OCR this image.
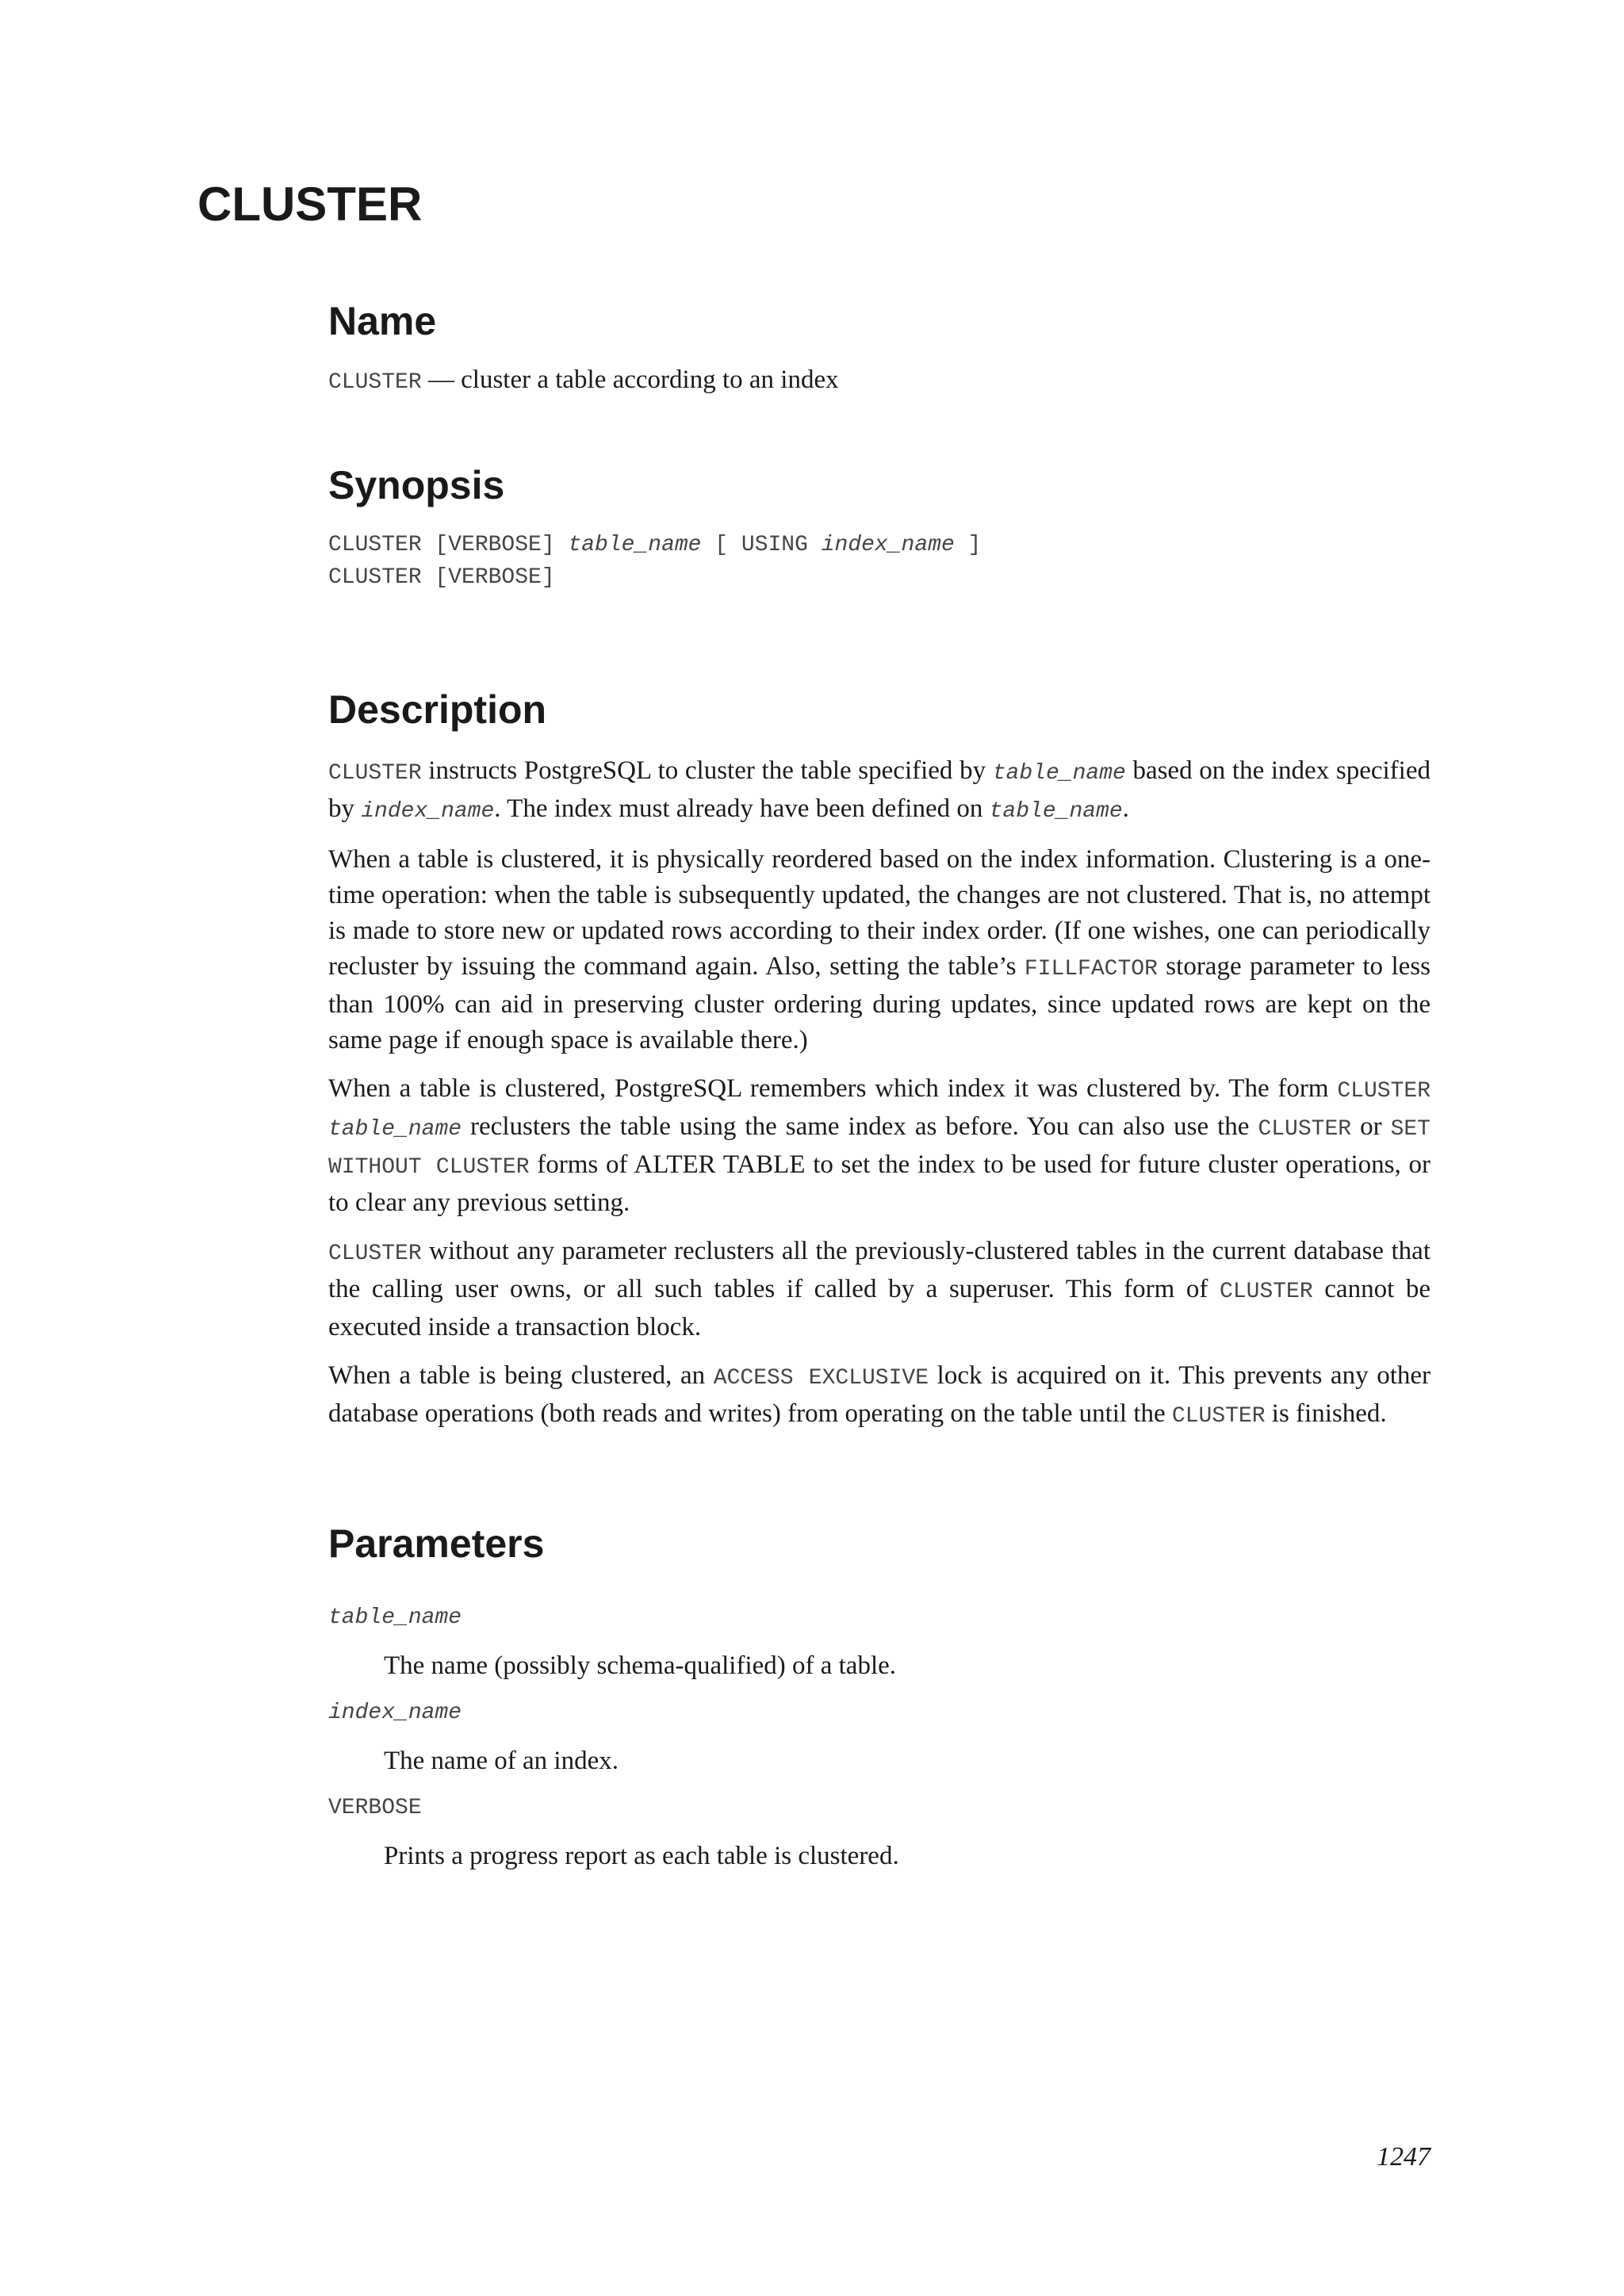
CLUSTER
Name

CLUSTER — cluster a table according to an index

Synopsis
CLUSTER [VERBOSE] table_name [ USING index_name ]
CLUSTER [VERBOSE]
Description

CLUSTER instructs PostgreSQL to cluster the table specified by table_name based on the index specified by index_name. The index must already have been defined on table_name.

When a table is clustered, it is physically reordered based on the index information. Clustering is a one-time operation: when the table is subsequently updated, the changes are not clustered. That is, no attempt is made to store new or updated rows according to their index order. (If one wishes, one can periodically recluster by issuing the command again. Also, setting the table’s FILLFACTOR storage parameter to less than 100% can aid in preserving cluster ordering during updates, since updated rows are kept on the same page if enough space is available there.)

When a table is clustered, PostgreSQL remembers which index it was clustered by. The form CLUSTER table_name reclusters the table using the same index as before. You can also use the CLUSTER or SET WITHOUT CLUSTER forms of ALTER TABLE to set the index to be used for future cluster operations, or to clear any previous setting.

CLUSTER without any parameter reclusters all the previously-clustered tables in the current database that the calling user owns, or all such tables if called by a superuser. This form of CLUSTER cannot be executed inside a transaction block.

When a table is being clustered, an ACCESS EXCLUSIVE lock is acquired on it. This prevents any other database operations (both reads and writes) from operating on the table until the CLUSTER is finished.

Parameters
table_name
The name (possibly schema-qualified) of a table.
index_name
The name of an index.
VERBOSE
Prints a progress report as each table is clustered.

1247
